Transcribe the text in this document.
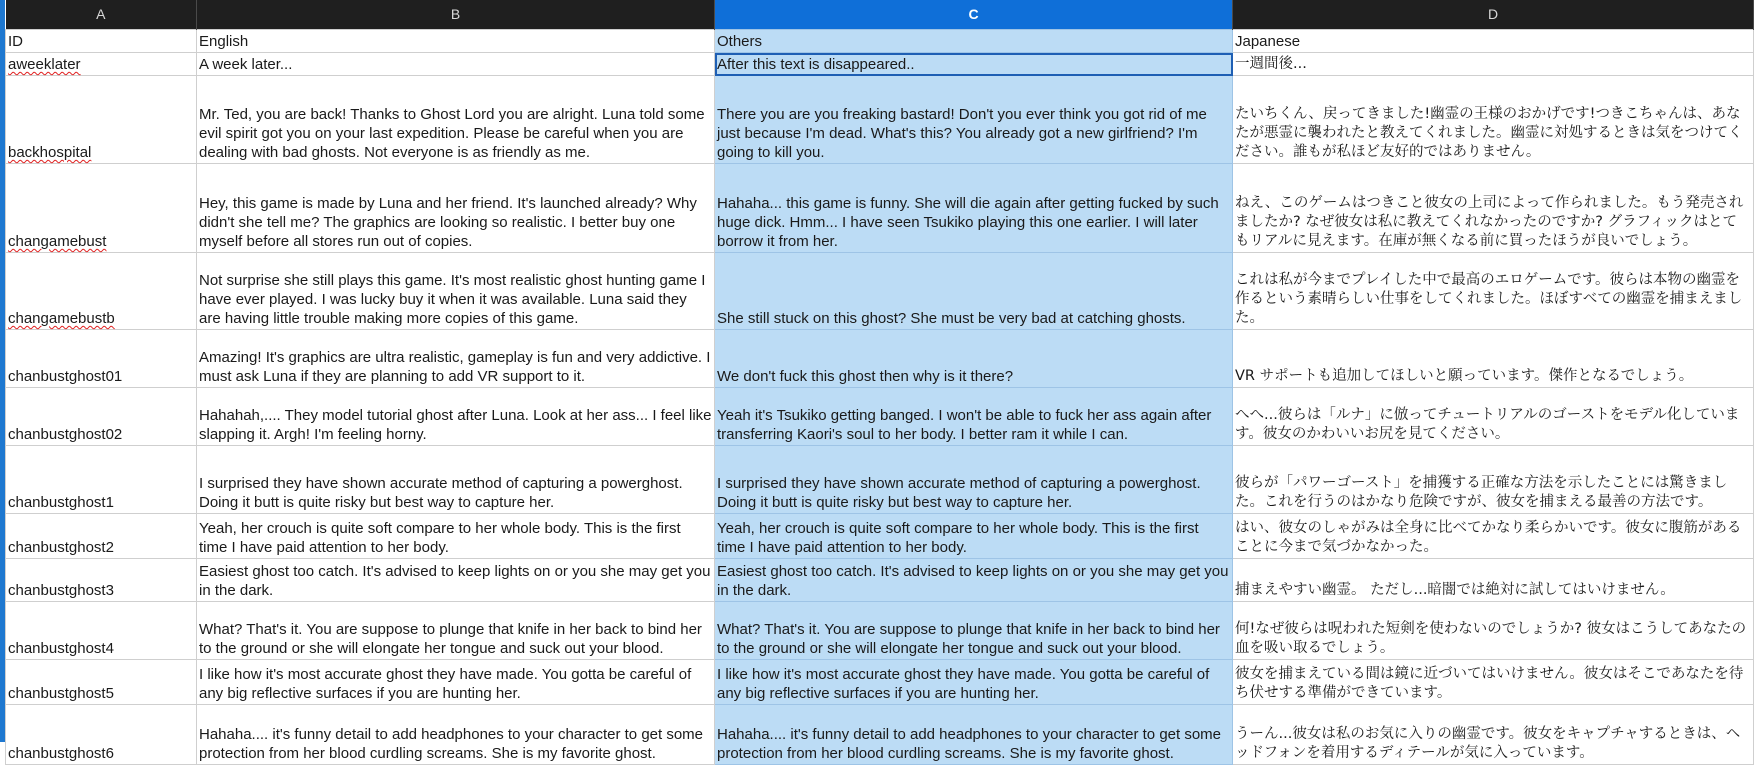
A	B	C	D
ID	English	Others	Japanese
aweeklater	A week later...	After this text is disappeared..	一週間後...
backhospital	Mr. Ted, you are back! Thanks to Ghost Lord you are alright. Luna told some evil spirit got you on your last expedition. Please be careful when you are dealing with bad ghosts. Not everyone is as friendly as me.	There you are you freaking bastard! Don't you ever think you got rid of me just because I'm dead. What's this? You already got a new girlfriend? I'm going to kill you.	たいちくん、戻ってきました!幽霊の王様のおかげです!つきこちゃんは、あなたが悪霊に襲われたと教えてくれました。幽霊に対処するときは気をつけてください。誰もが私ほど友好的ではありません。
changamebust	Hey, this game is made by Luna and her friend. It's launched already? Why didn't she tell me? The graphics are looking so realistic. I better buy one myself before all stores run out of copies.	Hahaha... this game is funny. She will die again after getting fucked by such huge dick. Hmm... I have seen Tsukiko playing this one earlier. I will later borrow it from her.	ねえ、このゲームはつきこと彼女の上司によって作られました。もう発売されましたか? なぜ彼女は私に教えてくれなかったのですか? グラフィックはとてもリアルに見えます。在庫が無くなる前に買ったほうが良いでしょう。
changamebustb	Not surprise she still plays this game. It's most realistic ghost hunting game I have ever played. I was lucky buy it when it was available. Luna said they are having little trouble making more copies of this game.	She still stuck on this ghost? She must be very bad at catching ghosts.	これは私が今までプレイした中で最高のエロゲームです。彼らは本物の幽霊を作るという素晴らしい仕事をしてくれました。ほぼすべての幽霊を捕まえました。
chanbustghost01	Amazing! It's graphics are ultra realistic, gameplay is fun and very addictive. I must ask Luna if they are planning to add VR support to it.	We don't fuck this ghost then why is it there?	VR サポートも追加してほしいと願っています。傑作となるでしょう。
chanbustghost02	Hahahah,.... They model tutorial ghost after Luna. Look at her ass... I feel like slapping it. Argh! I'm feeling horny.	Yeah it's Tsukiko getting banged. I won't be able to fuck her ass again after transferring Kaori's soul to her body. I better ram it while I can.	へへ...彼らは「ルナ」に倣ってチュートリアルのゴーストをモデル化しています。彼女のかわいいお尻を見てください。
chanbustghost1	I surprised they have shown accurate method of capturing a powerghost. Doing it butt is quite risky but best way to capture her.	I surprised they have shown accurate method of capturing a powerghost. Doing it butt is quite risky but best way to capture her.	彼らが「パワーゴースト」を捕獲する正確な方法を示したことには驚きました。これを行うのはかなり危険ですが、彼女を捕まえる最善の方法です。
chanbustghost2	Yeah, her crouch is quite soft compare to her whole body. This is the first time I have paid attention to her body.	Yeah, her crouch is quite soft compare to her whole body. This is the first time I have paid attention to her body.	はい、彼女のしゃがみは全身に比べてかなり柔らかいです。彼女に腹筋があることに今まで気づかなかった。
chanbustghost3	Easiest ghost too catch. It's advised to keep lights on or you she may get you in the dark.	Easiest ghost too catch. It's advised to keep lights on or you she may get you in the dark.	捕まえやすい幽霊。 ただし...暗闇では絶対に試してはいけません。
chanbustghost4	What? That's it. You are suppose to plunge that knife in her back to bind her to the ground or she will elongate her tongue and suck out your blood.	What? That's it. You are suppose to plunge that knife in her back to bind her to the ground or she will elongate her tongue and suck out your blood.	何!なぜ彼らは呪われた短剣を使わないのでしょうか? 彼女はこうしてあなたの血を吸い取るでしょう。
chanbustghost5	I like how it's most accurate ghost they have made. You gotta be careful of any big reflective surfaces if you are hunting her.	I like how it's most accurate ghost they have made. You gotta be careful of any big reflective surfaces if you are hunting her.	彼女を捕まえている間は鏡に近づいてはいけません。彼女はそこであなたを待ち伏せする準備ができています。
chanbustghost6	Hahaha.... it's funny detail to add headphones to your character to get some protection from her blood curdling screams. She is my favorite ghost.	Hahaha.... it's funny detail to add headphones to your character to get some protection from her blood curdling screams. She is my favorite ghost.	うーん...彼女は私のお気に入りの幽霊です。彼女をキャプチャするときは、ヘッドフォンを着用するディテールが気に入っています。
